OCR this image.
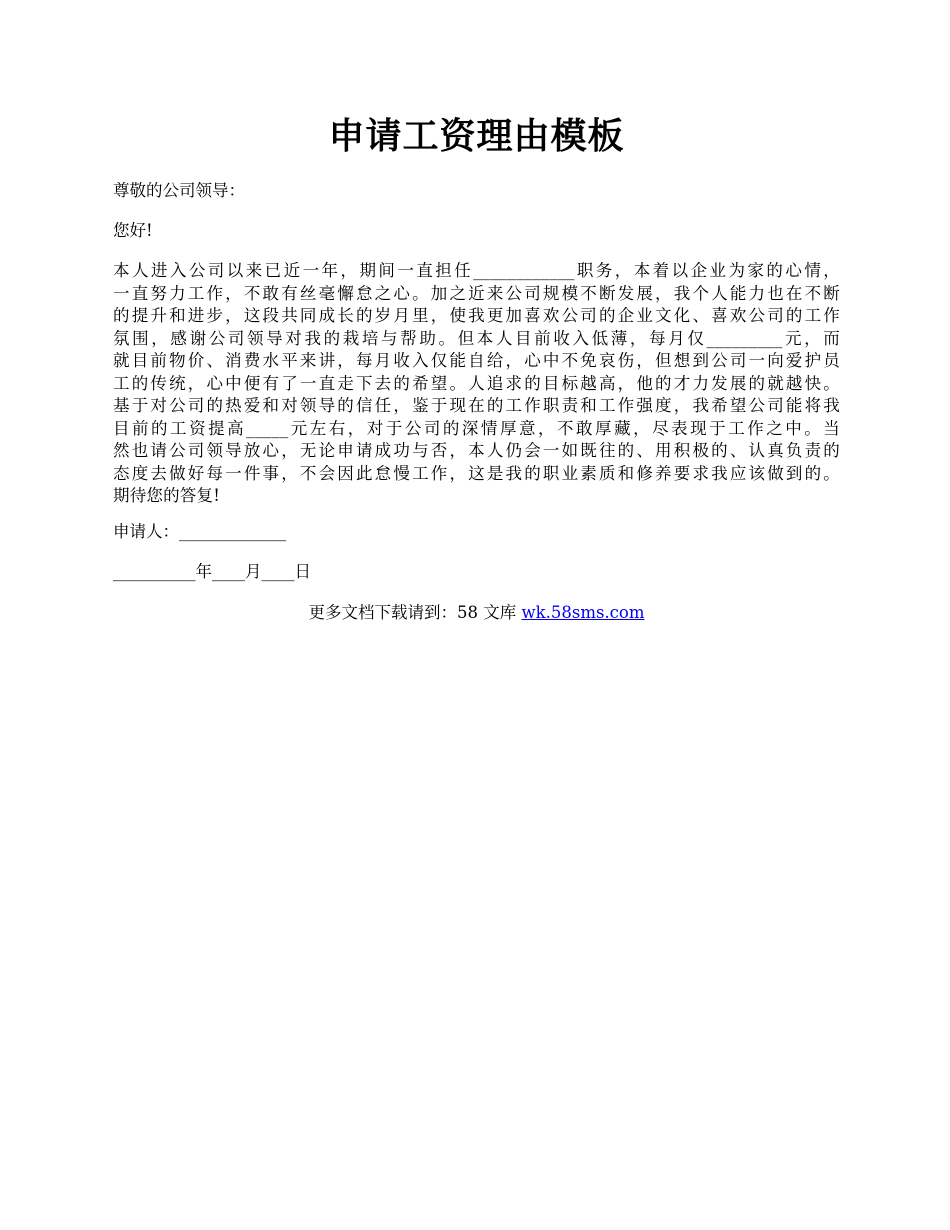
申请工资理由模板
尊敬的公司领导：
您好!
本人进入公司以来已近一年，期间一直担任____________职务，本着以企业为家的心情，
一直努力工作，不敢有丝毫懈怠之心。加之近来公司规模不断发展，我个人能力也在不断
的提升和进步，这段共同成长的岁月里，使我更加喜欢公司的企业文化、喜欢公司的工作
氛围，感谢公司领导对我的栽培与帮助。但本人目前收入低薄，每月仅_________元，而
就目前物价、消费水平来讲，每月收入仅能自给，心中不免哀伤，但想到公司一向爱护员
工的传统，心中便有了一直走下去的希望。人追求的目标越高，他的才力发展的就越快。
基于对公司的热爱和对领导的信任，鉴于现在的工作职责和工作强度，我希望公司能将我
目前的工资提高_____元左右，对于公司的深情厚意，不敢厚藏，尽表现于工作之中。当
然也请公司领导放心，无论申请成功与否，本人仍会一如既往的、用积极的、认真负责的
态度去做好每一件事，不会因此怠慢工作，这是我的职业素质和修养要求我应该做到的。
期待您的答复!
申请人：_____________
__________年____月____日
更多文档下载请到：58 文库 wk.58sms.com
